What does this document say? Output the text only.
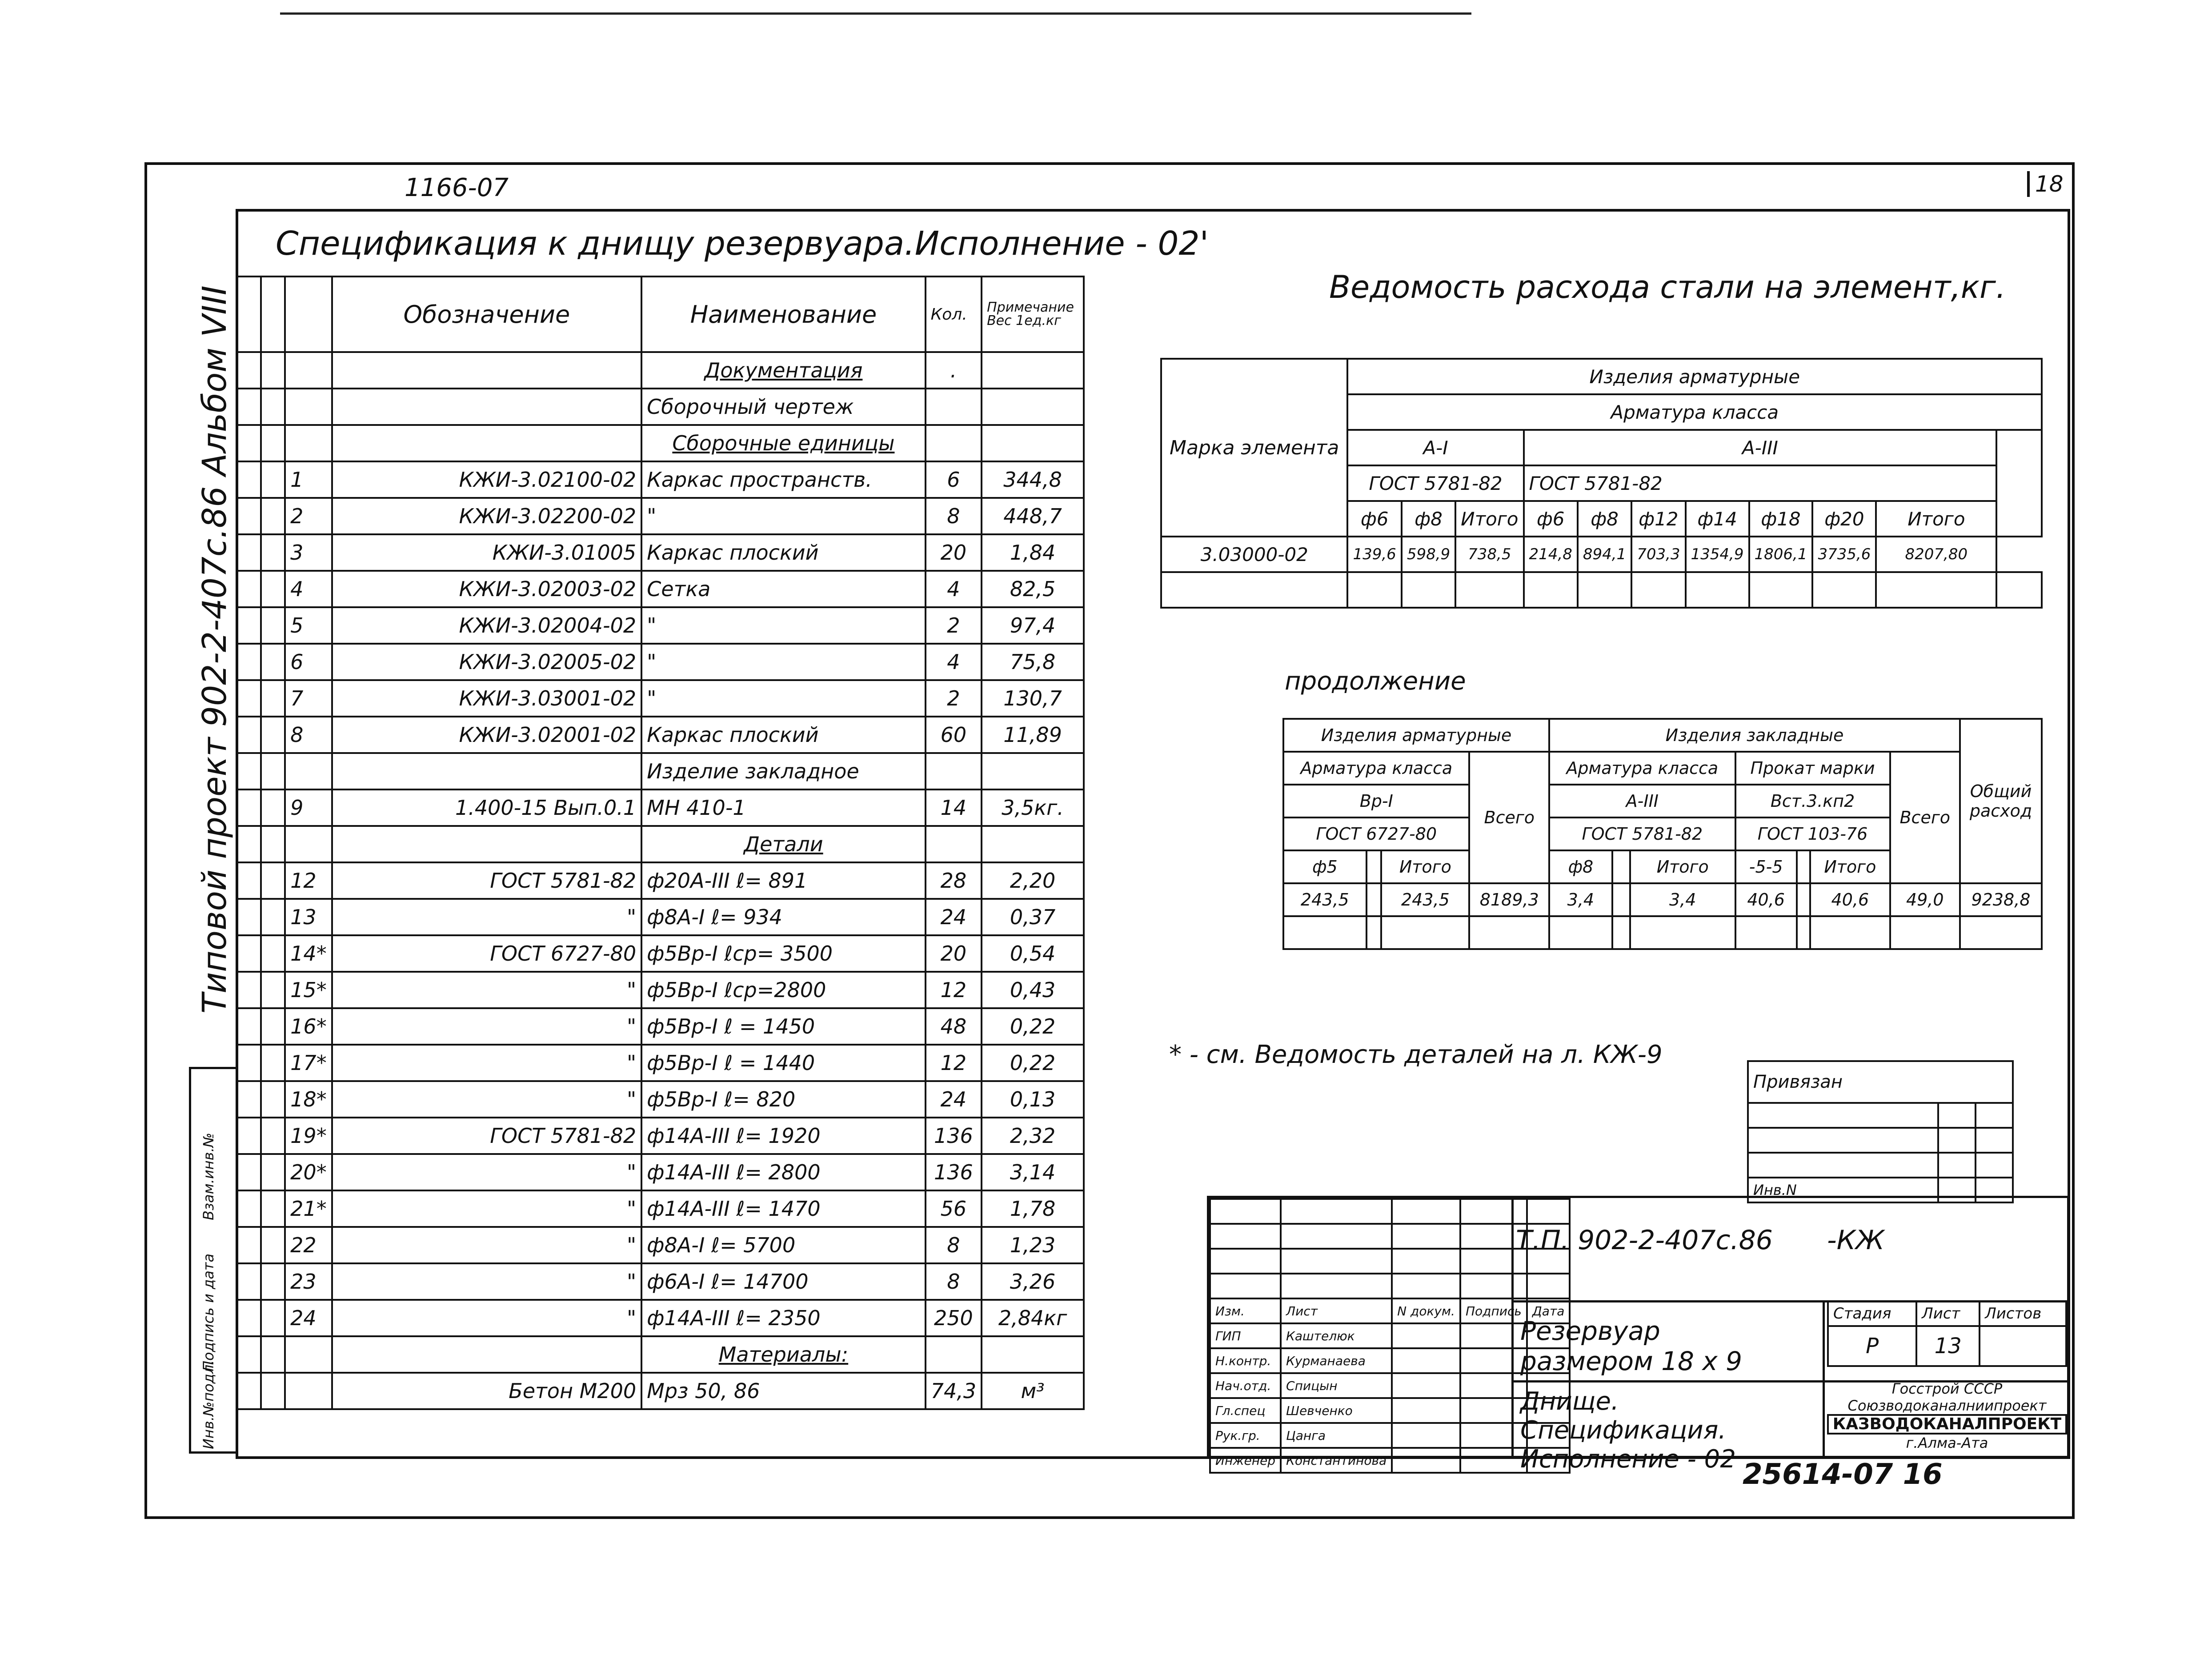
1166-07	18
Спецификация к днищу резервуара.Исполнение - 02'
Ведомость расхода стали на элемент,кг.
Типовой проект 902-2-407с.86 Альбом VIII
Взам.инв.№
Подпись и дата
Инв.№подл.
			Обозначение	Наименование	Кол.	Примечание Вес 1ед.кг
				Документация	.	
				Сборочный чертеж		
				Сборочные единицы		
		1	КЖИ-3.02100-02	Каркас пространств.	6	344,8
		2	КЖИ-3.02200-02	"	8	448,7
		3	КЖИ-3.01005	Каркас плоский	20	1,84
		4	КЖИ-3.02003-02	Сетка	4	82,5
		5	КЖИ-3.02004-02	"	2	97,4
		6	КЖИ-3.02005-02	"	4	75,8
		7	КЖИ-3.03001-02	"	2	130,7
		8	КЖИ-3.02001-02	Каркас плоский	60	11,89
				Изделие закладное		
		9	1.400-15 Вып.0.1	МН 410-1	14	3,5кг.
				Детали		
		12	ГОСТ 5781-82	ф20А-III ℓ= 891	28	2,20
		13	"	ф8А-I ℓ= 934	24	0,37
		14*	ГОСТ 6727-80	ф5Вр-I ℓср= 3500	20	0,54
		15*	"	ф5Вр-I ℓср=2800	12	0,43
		16*	"	ф5Вр-I ℓ = 1450	48	0,22
		17*	"	ф5Вр-I ℓ = 1440	12	0,22
		18*	"	ф5Вр-I ℓ= 820	24	0,13
		19*	ГОСТ 5781-82	ф14А-III ℓ= 1920	136	2,32
		20*	"	ф14А-III ℓ= 2800	136	3,14
		21*	"	ф14А-III ℓ= 1470	56	1,78
		22	"	ф8А-I ℓ= 5700	8	1,23
		23	"	ф6А-I ℓ= 14700	8	3,26
		24	"	ф14А-III ℓ= 2350	250	2,84кг
				Материалы:		
			Бетон М200	Мрз 50, 86	74,3	м³
Марка элемента	Изделия арматурные										
	Арматура класса										
	А-I			А-III							
	ГОСТ 5781-82			ГОСТ 5781-82							
	ф6	ф8	Итого	ф6	ф8	ф12	ф14	ф18	ф20	Итого	
3.03000-02	139,6	598,9	738,5	214,8	894,1	703,3	1354,9	1806,1	3735,6	8207,80	

продолжение
Изделия арматурные				Изделия закладные							Общий расход
Арматура класса			Всего	Арматура класса			Прокат марки			Всего	
Вр-I				А-III			Вст.3.кп2				
ГОСТ 6727-80				ГОСТ 5781-82			ГОСТ 103-76				
ф5		Итого		ф8		Итого	-5-5		Итого		
243,5		243,5	8189,3	3,4		3,4	40,6		40,6	49,0	9238,8

* - см. Ведомость деталей на л. КЖ-9
Привязан		

Инв.N		

Изм.	Лист	N докум.	Подпись	Дата
ГИП	Каштелюк			
Н.контр.	Курманаева			
Нач.отд.	Спицын			
Гл.спец	Шевченко			
Рук.гр.	Цанга			
Инженер	Константинова			
Т.П. 902-2-407с.86 -КЖ
Резервуар размером 18 x 9
Стадия	Лист	Листов
Р	13	
Днище. Спецификация. Исполнение - 02
Госстрой СССР
Союзводоканалниипроект
КАЗВОДОКАНАЛПРОЕКТ
г.Алма-Ата
25614-07 16
